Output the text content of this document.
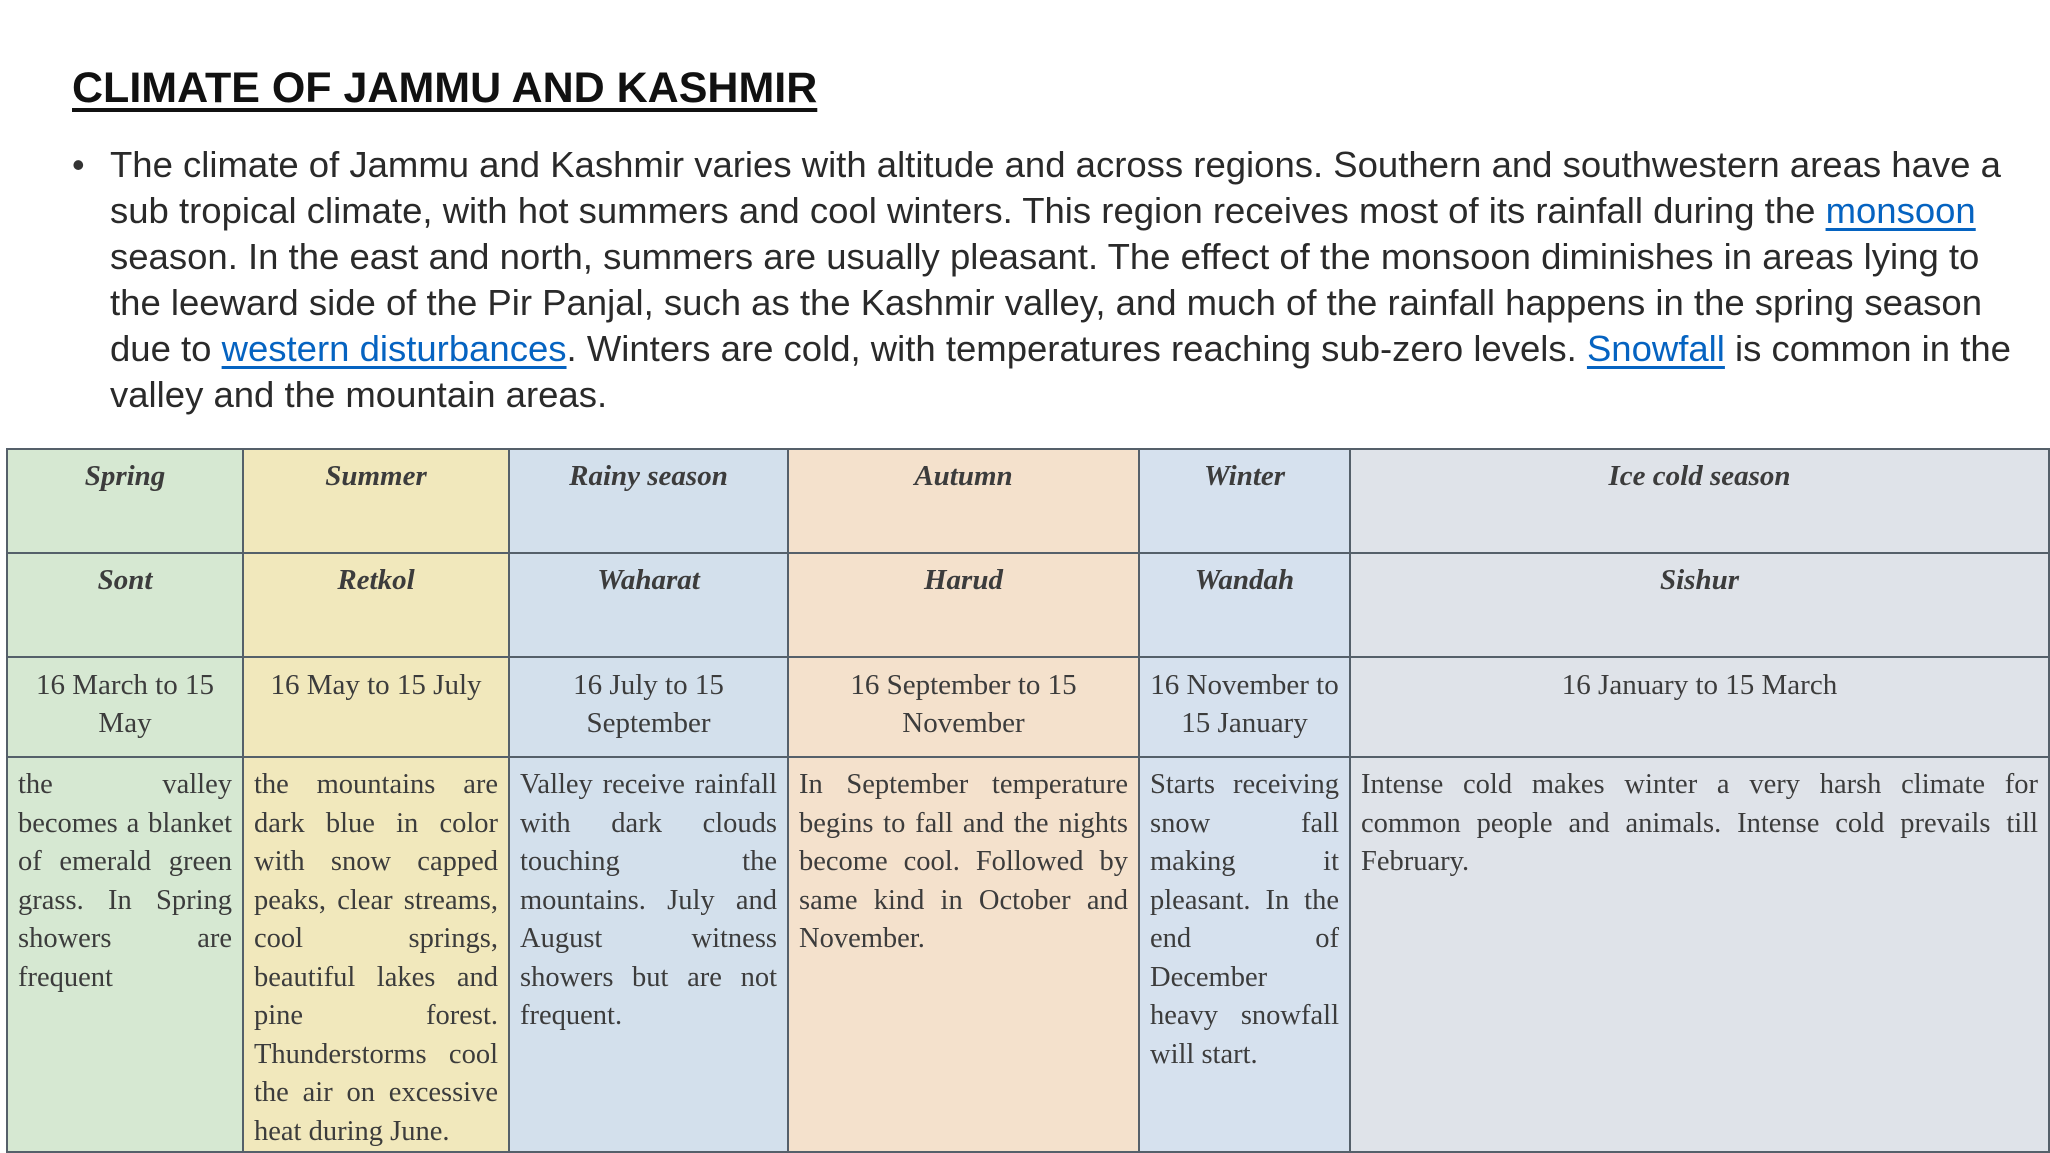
CLIMATE OF JAMMU AND KASHMIR
• The climate of Jammu and Kashmir varies with altitude and across regions. Southern and southwestern areas have a sub tropical climate, with hot summers and cool winters. This region receives most of its rainfall during the monsoon season. In the east and north, summers are usually pleasant. The effect of the monsoon diminishes in areas lying to the leeward side of the Pir Panjal, such as the Kashmir valley, and much of the rainfall happens in the spring season due to western disturbances. Winters are cold, with temperatures reaching sub-zero levels. Snowfall is common in the valley and the mountain areas.

Spring	Summer	Rainy season	Autumn	Winter	Ice cold season
Sont	Retkol	Waharat	Harud	Wandah	Sishur
16 March to 15 May	16 May to 15 July	16 July to 15 September	16 September to 15 November	16 November to 15 January	16 January to 15 March
the valley becomes a blanket of emerald green grass. In Spring showers are frequent	the mountains are dark blue in color with snow capped peaks, clear streams, cool springs, beautiful lakes and pine forest. Thunderstorms cool the air on excessive heat during June.	Valley receive rainfall with dark clouds touching the mountains. July and August witness showers but are not frequent.	In September temperature begins to fall and the nights become cool. Followed by same kind in October and November.	Starts receiving snow fall making it pleasant. In the end of December heavy snowfall will start.	Intense cold makes winter a very harsh climate for common people and animals. Intense cold prevails till February.
